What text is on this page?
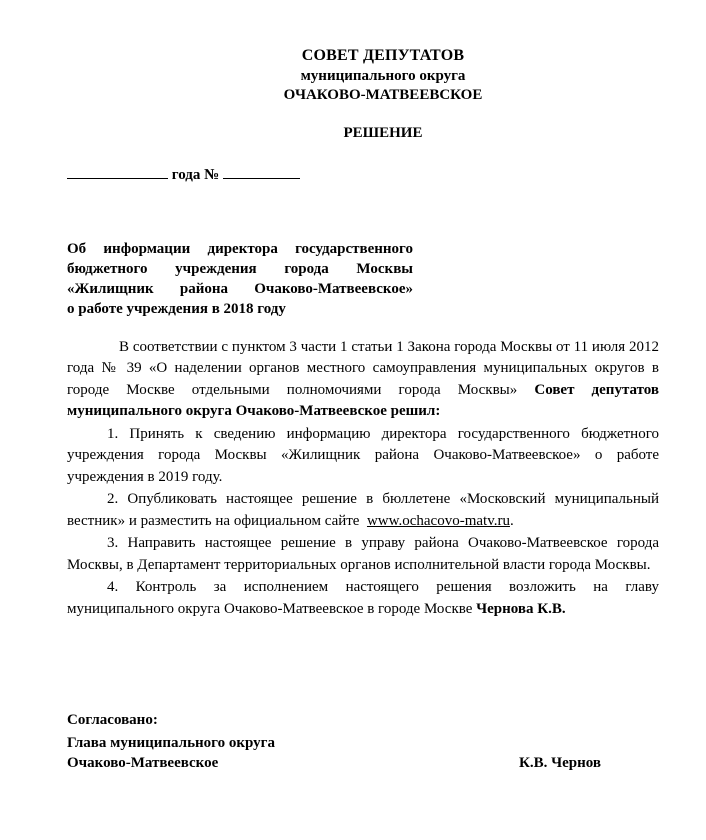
СОВЕТ ДЕПУТАТОВ
муниципального округа
ОЧАКОВО-МАТВЕЕВСКОЕ
РЕШЕНИЕ
года №
Об информации директора государственного
бюджетного учреждения города Москвы
«Жилищник района Очаково-Матвеевское»
о работе учреждения в 2018 году

В соответствии с пунктом 3 части 1 статьи 1 Закона города Москвы от 11 июля 2012 года № 39 «О наделении органов местного самоуправления муниципальных округов в городе Москве отдельными полномочиями города Москвы» Совет депутатов муниципального округа Очаково-Матвеевское решил:

1. Принять к сведению информацию директора государственного бюджетного учреждения города Москвы «Жилищник района Очаково-Матвеевское» о работе учреждения в 2019 году.

2. Опубликовать настоящее решение в бюллетене «Московский муниципальный вестник» и разместить на официальном сайте www.ochacovo-matv.ru.

3. Направить настоящее решение в управу района Очаково-Матвеевское города Москвы, в Департамент территориальных органов исполнительной власти города Москвы.

4. Контроль за исполнением настоящего решения возложить на главу муниципального округа Очаково-Матвеевское в городе Москве Чернова К.В.

Согласовано:
Глава муниципального округа
Очаково-Матвеевское	К.В. Чернов
